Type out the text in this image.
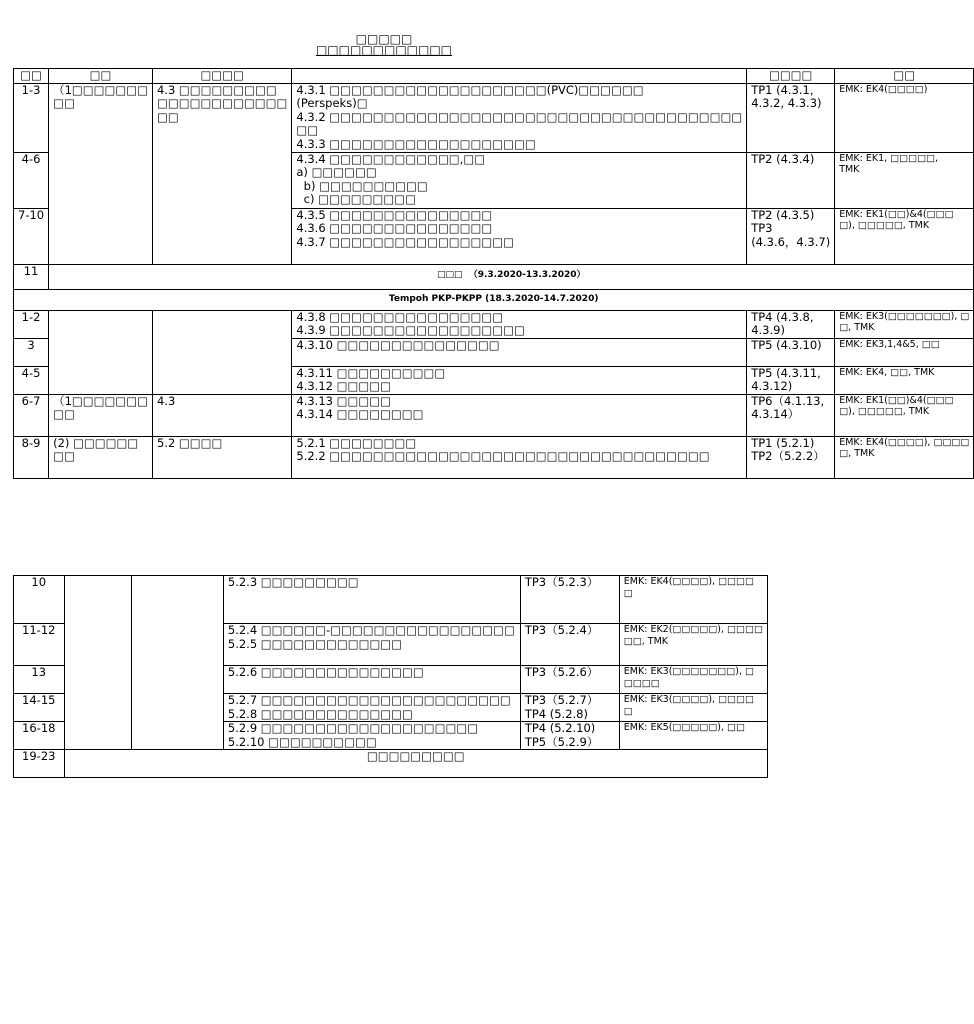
□□□□□
□□□□□□□□□□□□
□□	□□	□□□□		□□□□	□□

1-3	（1□□□□□□□
□□	4.3 □□□□□□□□□
□□□□□□□□□□□□
□□	4.3.1 □□□□□□□□□□□□□□□□□□□□(PVC)□□□□□□
(Perspeks)□
4.3.2 □□□□□□□□□□□□□□□□□□□□□□□□□□□□□□□□□□□□□□
□□
4.3.3 □□□□□□□□□□□□□□□□□□□	TP1 (4.3.1,
4.3.2, 4.3.3)	EMK: EK4(□□□□)

4-6			4.3.4 □□□□□□□□□□□□,□□
a) □□□□□□
b) □□□□□□□□□□
c) □□□□□□□□□	TP2 (4.3.4)	EMK: EK1, □□□□□,
TMK

7-10			4.3.5 □□□□□□□□□□□□□□□
4.3.6 □□□□□□□□□□□□□□□
4.3.7 □□□□□□□□□□□□□□□□□	TP2 (4.3.5)
TP3
(4.3.6，4.3.7)	EMK: EK1(□□)&4(□□□
□), □□□□□, TMK

11	□□□  （9.3.2020-13.3.2020）				

Tempoh PKP-PKPP (18.3.2020-14.7.2020)					

1-2			4.3.8 □□□□□□□□□□□□□□□□
4.3.9 □□□□□□□□□□□□□□□□□□	TP4 (4.3.8,
4.3.9)	EMK: EK3(□□□□□□□), □
□, TMK

3			4.3.10 □□□□□□□□□□□□□□□	TP5 (4.3.10)	EMK: EK3,1,4&5, □□

4-5			4.3.11 □□□□□□□□□□
4.3.12 □□□□□	TP5 (4.3.11,
4.3.12)	EMK: EK4, □□, TMK

6-7	（1□□□□□□□
□□	4.3	4.3.13 □□□□□
4.3.14 □□□□□□□□	TP6（4.1.13,
4.3.14）	EMK: EK1(□□)&4(□□□
□), □□□□□, TMK

8-9	(2) □□□□□□
□□	5.2 □□□□	5.2.1 □□□□□□□□
5.2.2 □□□□□□□□□□□□□□□□□□□□□□□□□□□□□□□□□□□	TP1 (5.2.1)
TP2（5.2.2）	EMK: EK4(□□□□), □□□□
□, TMK
10			5.2.3 □□□□□□□□□	TP3（5.2.3）	EMK: EK4(□□□□), □□□□
□

11-12			5.2.4 □□□□□□-□□□□□□□□□□□□□□□□□
5.2.5 □□□□□□□□□□□□□	TP3（5.2.4）	EMK: EK2(□□□□□), □□□□
□□, TMK

13			5.2.6 □□□□□□□□□□□□□□□	TP3（5.2.6）	EMK: EK3(□□□□□□□), □
□□□□

14-15			5.2.7 □□□□□□□□□□□□□□□□□□□□□□□
5.2.8 □□□□□□□□□□□□□□	TP3（5.2.7）
TP4 (5.2.8)	EMK: EK3(□□□□), □□□□
□

16-18			5.2.9 □□□□□□□□□□□□□□□□□□□□
5.2.10 □□□□□□□□□□	TP4 (5.2.10)
TP5（5.2.9）	EMK: EK5(□□□□□), □□

19-23	□□□□□□□□□				
